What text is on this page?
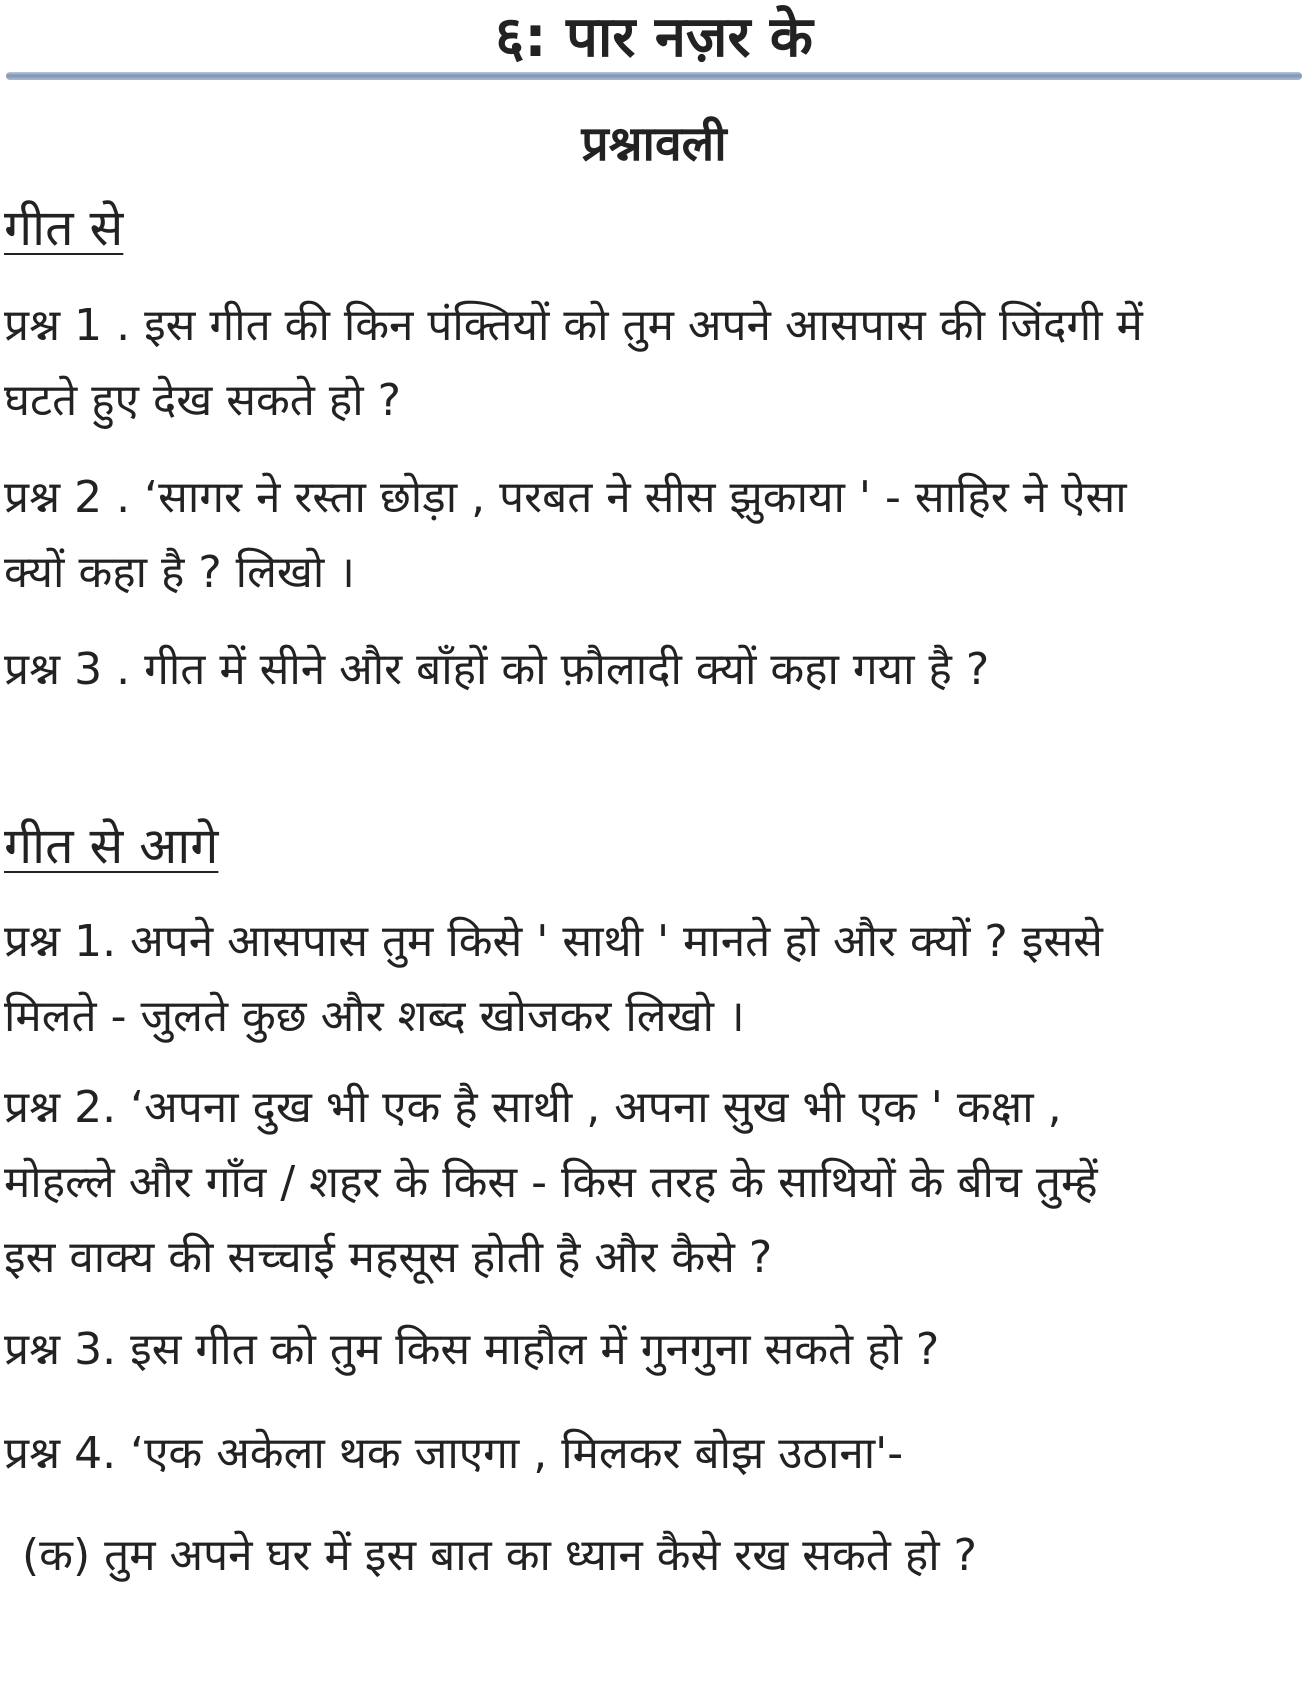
६: पार नज़र के
प्रश्नावली
गीत से
प्रश्न 1 . इस गीत की किन पंक्तियों को तुम अपने आसपास की जिंदगी में
घटते हुए देख सकते हो ?
प्रश्न 2 . ‘सागर ने रस्ता छोड़ा , परबत ने सीस झुकाया ' - साहिर ने ऐसा
क्यों कहा है ? लिखो ।
प्रश्न 3 . गीत में सीने और बाँहों को फ़ौलादी क्यों कहा गया है ?
गीत से आगे
प्रश्न 1. अपने आसपास तुम किसे ' साथी ' मानते हो और क्यों ? इससे
मिलते - जुलते कुछ और शब्द खोजकर लिखो ।
प्रश्न 2. ‘अपना दुख भी एक है साथी , अपना सुख भी एक ' कक्षा ,
मोहल्ले और गाँव / शहर के किस - किस तरह के साथियों के बीच तुम्हें
इस वाक्य की सच्चाई महसूस होती है और कैसे ?
प्रश्न 3. इस गीत को तुम किस माहौल में गुनगुना सकते हो ?
प्रश्न 4. ‘एक अकेला थक जाएगा , मिलकर बोझ उठाना'-
(क) तुम अपने घर में इस बात का ध्यान कैसे रख सकते हो ?
